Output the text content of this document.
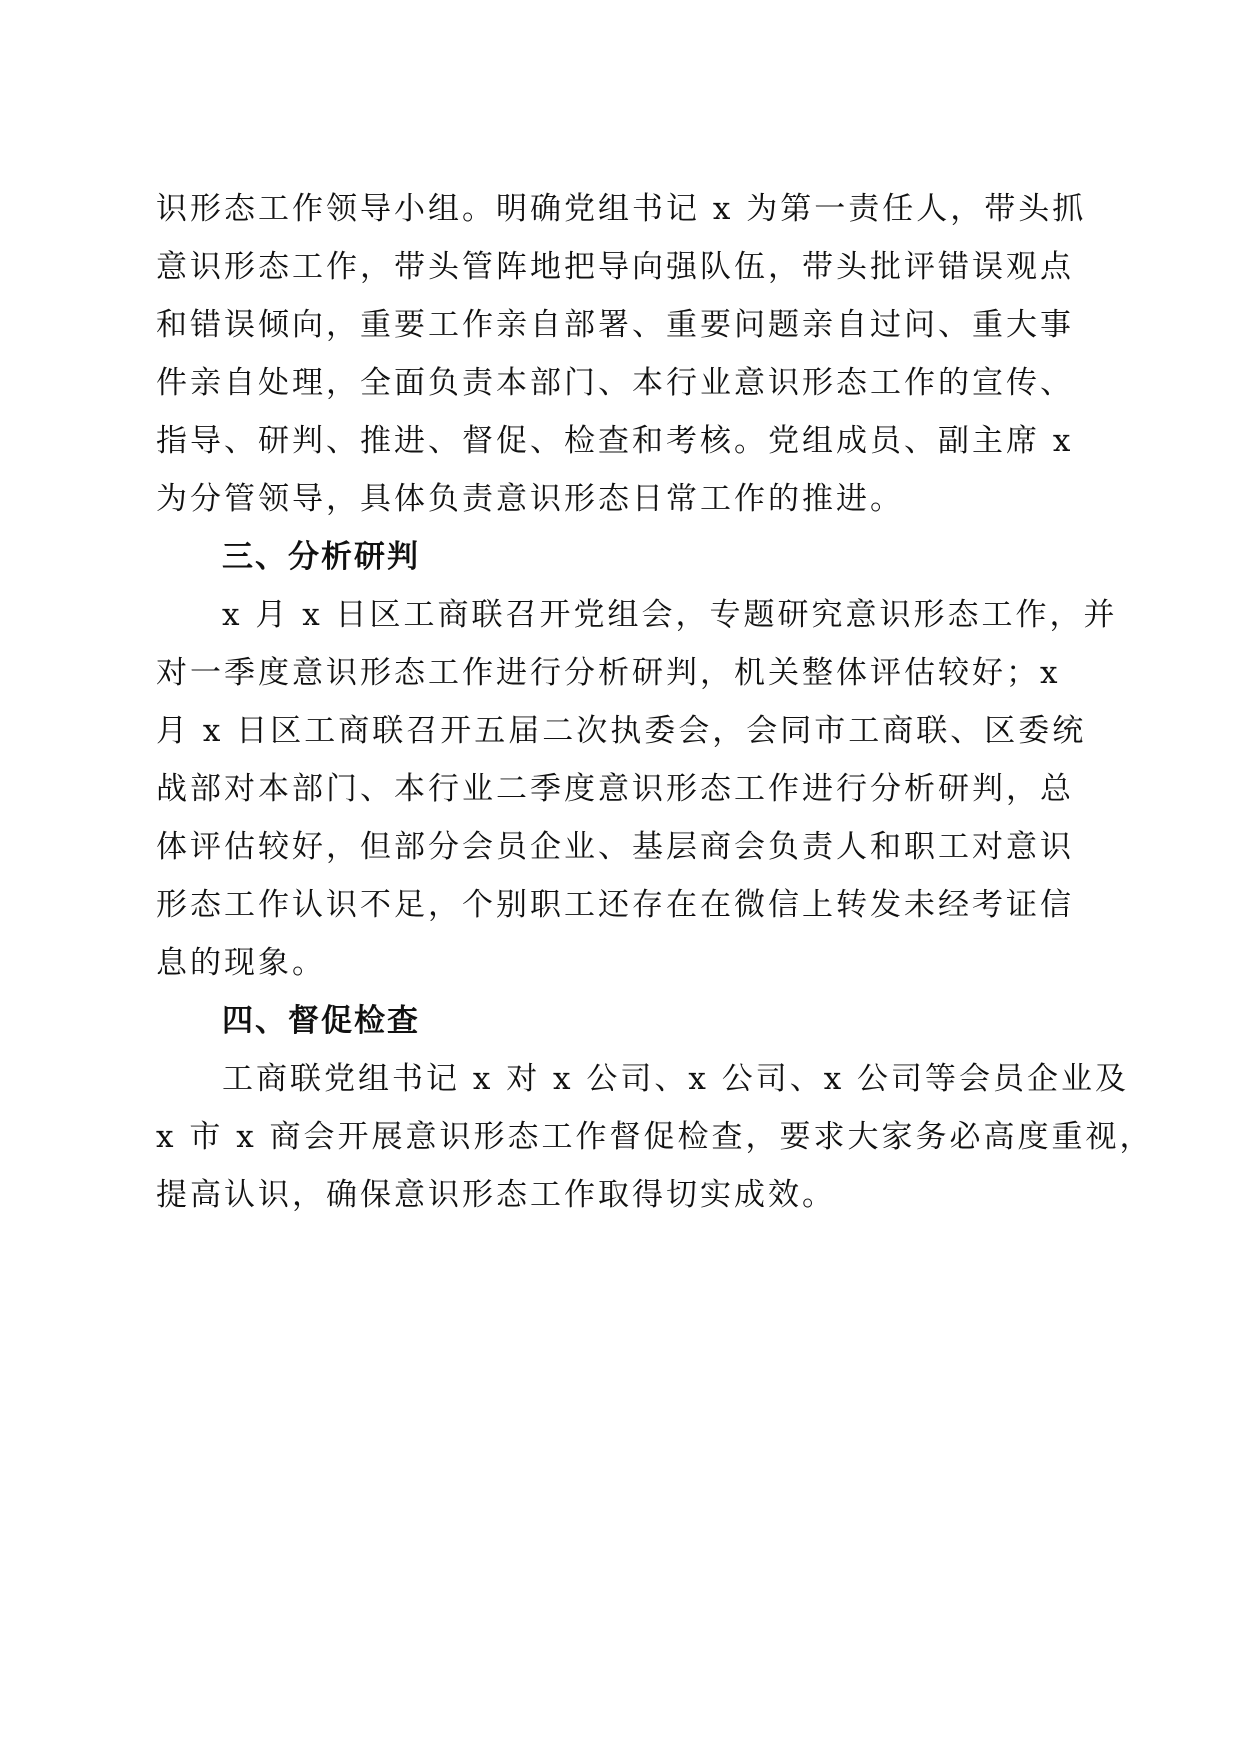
识形态工作领导小组。明确党组书记 x 为第一责任人，带头抓
意识形态工作，带头管阵地把导向强队伍，带头批评错误观点
和错误倾向，重要工作亲自部署、重要问题亲自过问、重大事
件亲自处理，全面负责本部门、本行业意识形态工作的宣传、
指导、研判、推进、督促、检查和考核。党组成员、副主席 x
为分管领导，具体负责意识形态日常工作的推进。
三、分析研判
x 月 x 日区工商联召开党组会，专题研究意识形态工作，并
对一季度意识形态工作进行分析研判，机关整体评估较好；x
月 x 日区工商联召开五届二次执委会，会同市工商联、区委统
战部对本部门、本行业二季度意识形态工作进行分析研判，总
体评估较好，但部分会员企业、基层商会负责人和职工对意识
形态工作认识不足，个别职工还存在在微信上转发未经考证信
息的现象。
四、督促检查
工商联党组书记 x 对 x 公司、x 公司、x 公司等会员企业及
x 市 x 商会开展意识形态工作督促检查，要求大家务必高度重视，
提高认识，确保意识形态工作取得切实成效。
